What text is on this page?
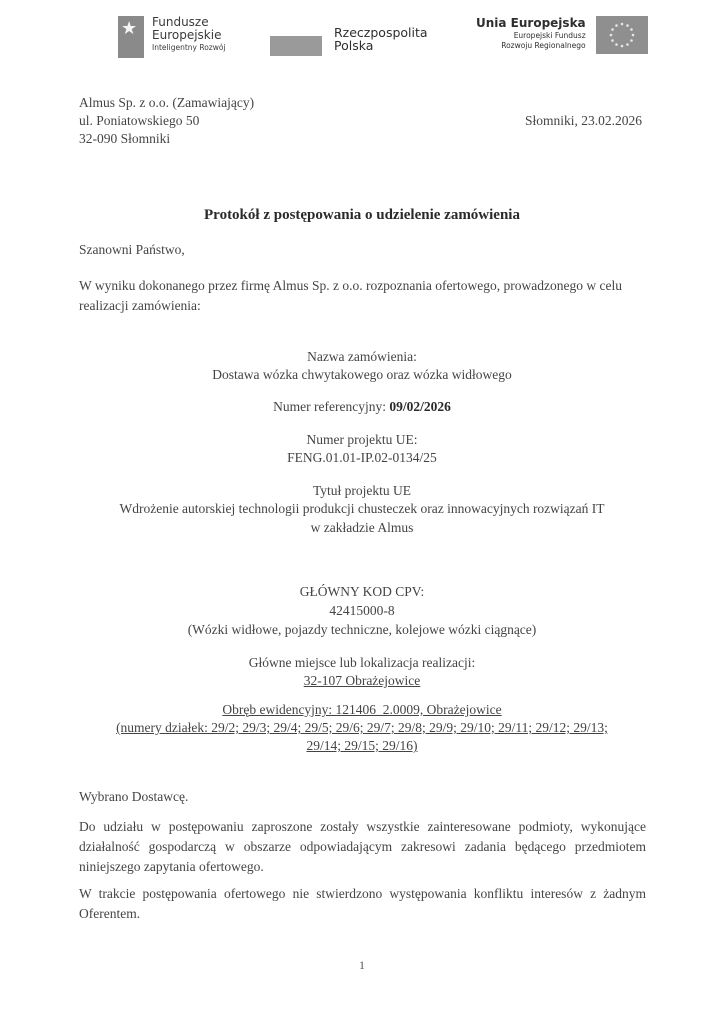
★ Fundusze
Europejskie
Inteligentny Rozwój
Rzeczpospolita
Polska
Unia Europejska
Europejski Fundusz
Rozwoju Regionalnego
Almus Sp. z o.o. (Zamawiający)
ul. Poniatowskiego 50
32-090 Słomniki
Słomniki, 23.02.2026
Protokół z postępowania o udzielenie zamówienia
Szanowni Państwo,
W wyniku dokonanego przez firmę Almus Sp. z o.o. rozpoznania ofertowego, prowadzonego w celu realizacji zamówienia:
Nazwa zamówienia:
Dostawa wózka chwytakowego oraz wózka widłowego
Numer referencyjny: 09/02/2026
Numer projektu UE:
FENG.01.01-IP.02-0134/25
Tytuł projektu UE
Wdrożenie autorskiej technologii produkcji chusteczek oraz innowacyjnych rozwiązań IT
w zakładzie Almus
GŁÓWNY KOD CPV:
42415000-8
(Wózki widłowe, pojazdy techniczne, kolejowe wózki ciągnące)
Główne miejsce lub lokalizacja realizacji:
32-107 Obrażejowice
Obręb ewidencyjny: 121406_2.0009, Obrażejowice
(numery działek: 29/2; 29/3; 29/4; 29/5; 29/6; 29/7; 29/8; 29/9; 29/10; 29/11; 29/12; 29/13;
29/14; 29/15; 29/16)
Wybrano Dostawcę.
Do udziału w postępowaniu zaproszone zostały wszystkie zainteresowane podmioty, wykonujące działalność gospodarczą w obszarze odpowiadającym zakresowi zadania będącego przedmiotem niniejszego zapytania ofertowego.
W trakcie postępowania ofertowego nie stwierdzono występowania konfliktu interesów z żadnym Oferentem.
1
